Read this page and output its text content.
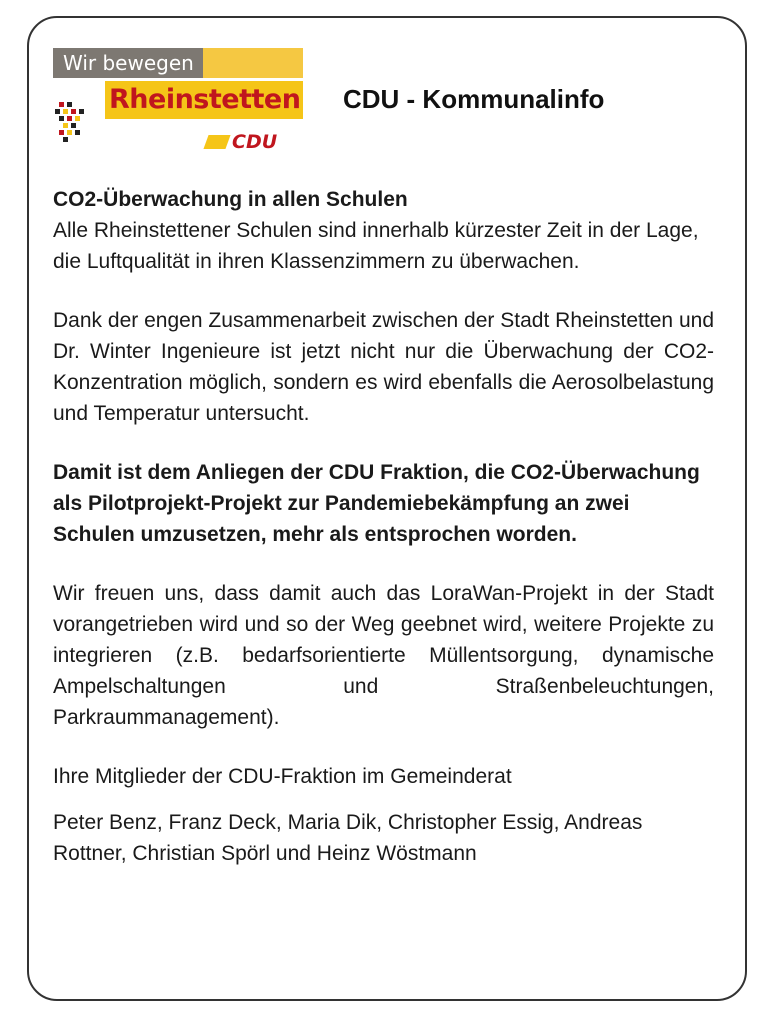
Wir bewegen
Rheinstetten
CDU
CDU - Kommunalinfo

CO2-Überwachung in allen Schulen
Alle Rheinstettener Schulen sind innerhalb kürzester Zeit in der Lage, die Luftqualität in ihren Klassenzimmern zu überwachen.

Dank der engen Zusammenarbeit zwischen der Stadt Rheinstetten und Dr. Winter Ingenieure ist jetzt nicht nur die Überwachung der CO2-Konzentration möglich, sondern es wird ebenfalls die Aerosolbelastung und Temperatur untersucht.

Damit ist dem Anliegen der CDU Fraktion, die CO2-Überwachung als Pilotprojekt-Projekt zur Pandemiebekämpfung an zwei Schulen umzusetzen, mehr als entsprochen worden.

Wir freuen uns, dass damit auch das LoraWan-Projekt in der Stadt vorangetrieben wird und so der Weg geebnet wird, weitere Projekte zu integrieren (z.B. bedarfsorientierte Müllentsorgung, dynamische Ampelschaltungen und Straßenbeleuchtungen, Parkraummanagement).

Ihre Mitglieder der CDU-Fraktion im Gemeinderat

Peter Benz, Franz Deck, Maria Dik, Christopher Essig, Andreas Rottner, Christian Spörl und Heinz Wöstmann
